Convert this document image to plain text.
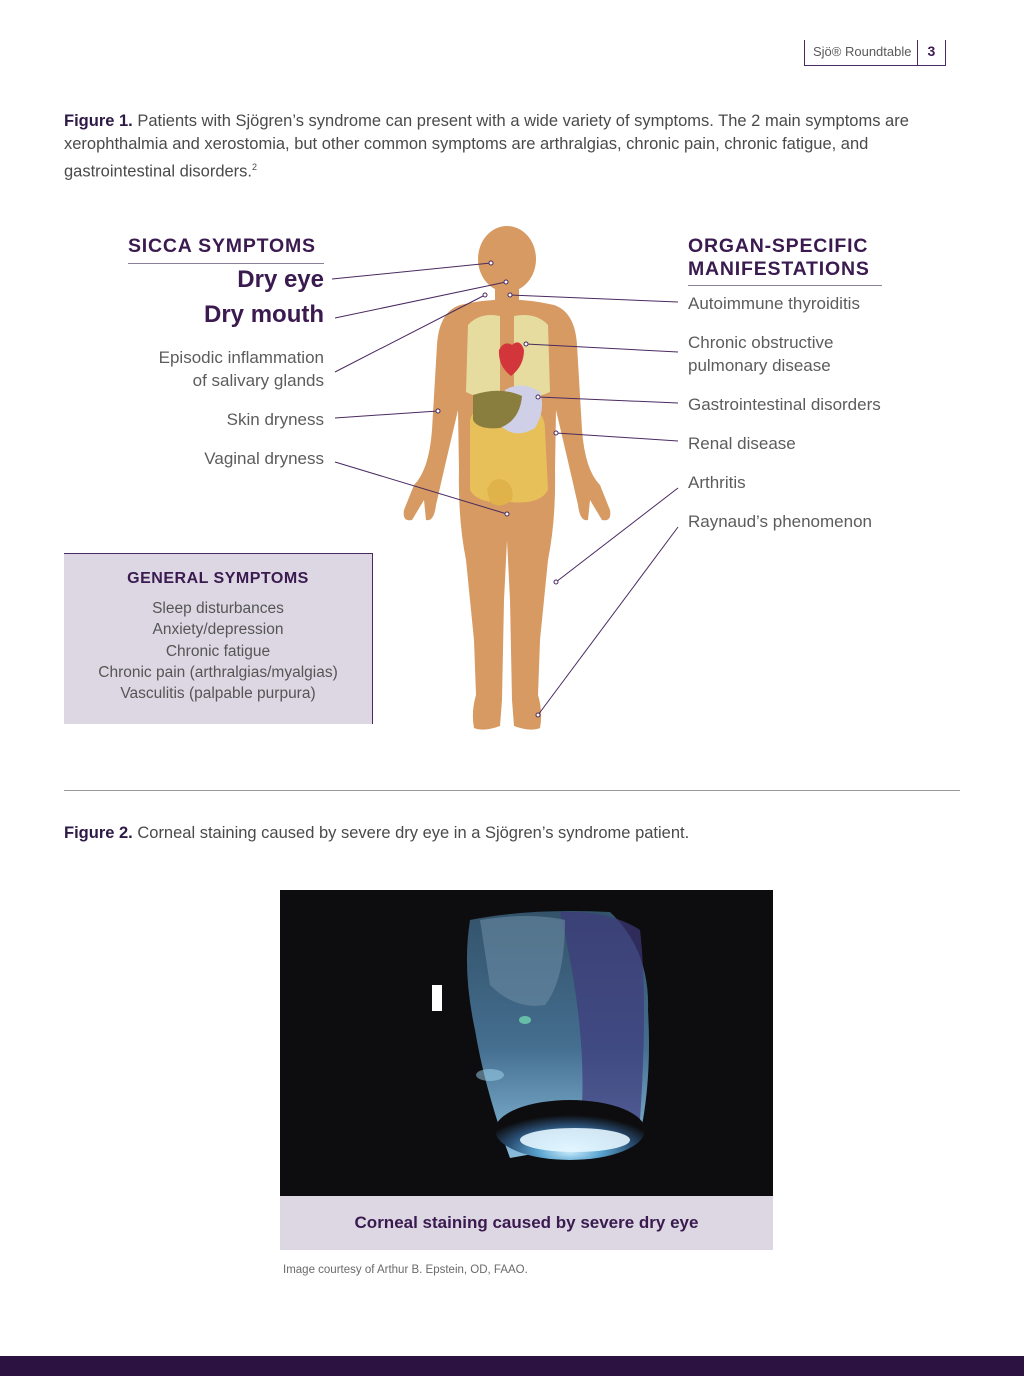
Sjö® Roundtable	3
Figure 1. Patients with Sjögren’s syndrome can present with a wide variety of symptoms. The 2 main symptoms are xerophthalmia and xerostomia, but other common symptoms are arthralgias, chronic pain, chronic fatigue, and gastrointestinal disorders.$^2$
SICCA SYMPTOMS
Dry eye
Dry mouth
Episodic inflammation
of salivary glands
Skin dryness
Vaginal dryness
ORGAN-SPECIFIC
MANIFESTATIONS
Autoimmune thyroiditis
Chronic obstructive
pulmonary disease
Gastrointestinal disorders
Renal disease
Arthritis
Raynaud’s phenomenon
GENERAL SYMPTOMS
Sleep disturbances
Anxiety/depression
Chronic fatigue
Chronic pain (arthralgias/myalgias)
Vasculitis (palpable purpura)
Figure 2. Corneal staining caused by severe dry eye in a Sjögren’s syndrome patient.
Corneal staining caused by severe dry eye
Image courtesy of Arthur B. Epstein, OD, FAAO.
